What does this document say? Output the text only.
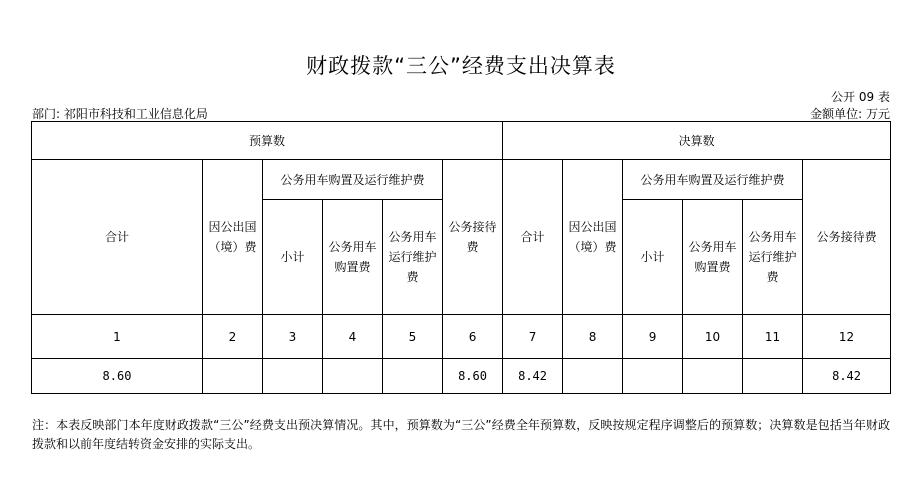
财政拨款“三公”经费支出决算表
公开 09 表
部门: 祁阳市科技和工业信息化局	金额单位: 万元
预算数						决算数					
合计	因公出国（境）费	公务用车购置及运行维护费			公务接待费	合计	因公出国（境）费	公务用车购置及运行维护费			公务接待费
		小计	公务用车购置费	公务用车运行维护费				小计	公务用车购置费	公务用车运行维护费	
1	2	3	4	5	6	7	8	9	10	11	12
8.60					8.60	8.42					8.42
注：本表反映部门本年度财政拨款“三公”经费支出预决算情况。其中，预算数为“三公”经费全年预算数，反映按规定程序调整后的预算数；决算数是包括当年财政拨款和以前年度结转资金安排的实际支出。
